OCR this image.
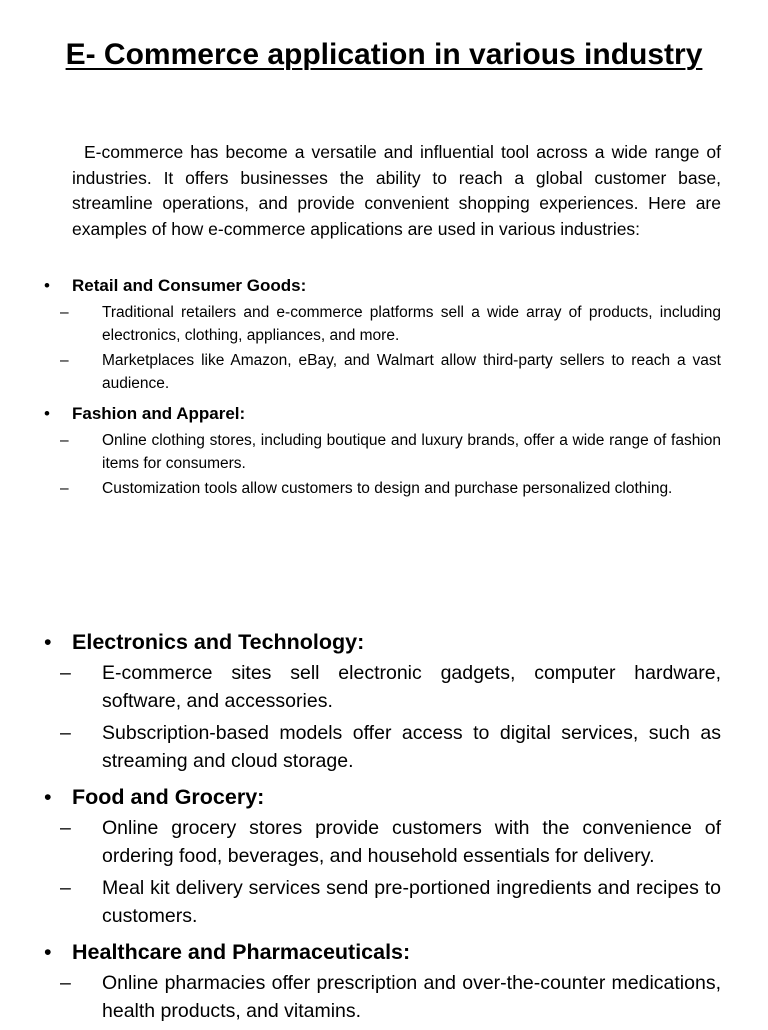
E- Commerce application in various industry

E-commerce has become a versatile and influential tool across a wide range of industries. It offers businesses the ability to reach a global customer base, streamline operations, and provide convenient shopping experiences. Here are examples of how e-commerce applications are used in various industries:

• Retail and Consumer Goods:
– Traditional retailers and e-commerce platforms sell a wide array of products, including electronics, clothing, appliances, and more.
– Marketplaces like Amazon, eBay, and Walmart allow third-party sellers to reach a vast audience.
• Fashion and Apparel:
– Online clothing stores, including boutique and luxury brands, offer a wide range of fashion items for consumers.
– Customization tools allow customers to design and purchase personalized clothing.
• Electronics and Technology:
– E-commerce sites sell electronic gadgets, computer hardware, software, and accessories.
– Subscription-based models offer access to digital services, such as streaming and cloud storage.
• Food and Grocery:
– Online grocery stores provide customers with the convenience of ordering food, beverages, and household essentials for delivery.
– Meal kit delivery services send pre-portioned ingredients and recipes to customers.
• Healthcare and Pharmaceuticals:
– Online pharmacies offer prescription and over-the-counter medications, health products, and vitamins.
